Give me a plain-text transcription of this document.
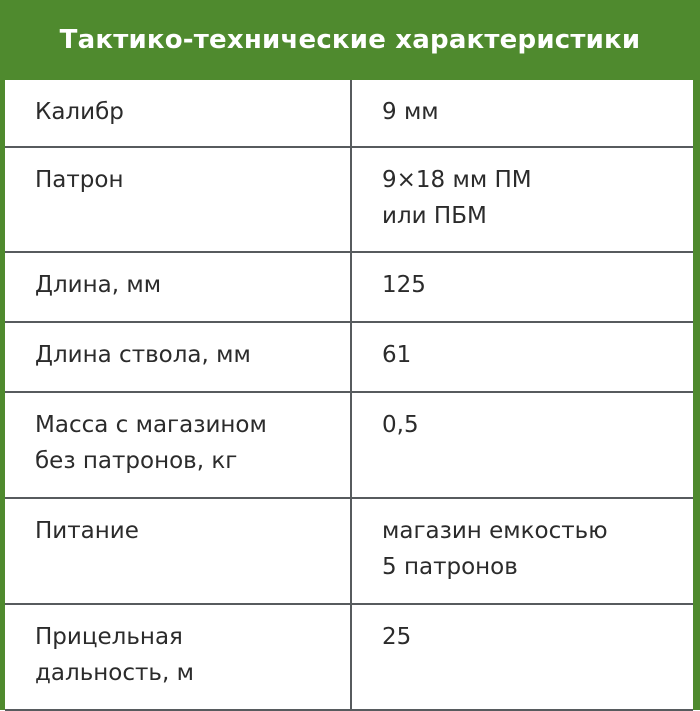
Тактико-технические характеристики
Калибр	9 мм

Патрон	9×18 мм ПМ
или ПБМ

Длина, мм	125

Длина ствола, мм	61

Масса с магазином
без патронов, кг	0,5

Питание	магазин емкостью
5 патронов

Прицельная
дальность, м	25
